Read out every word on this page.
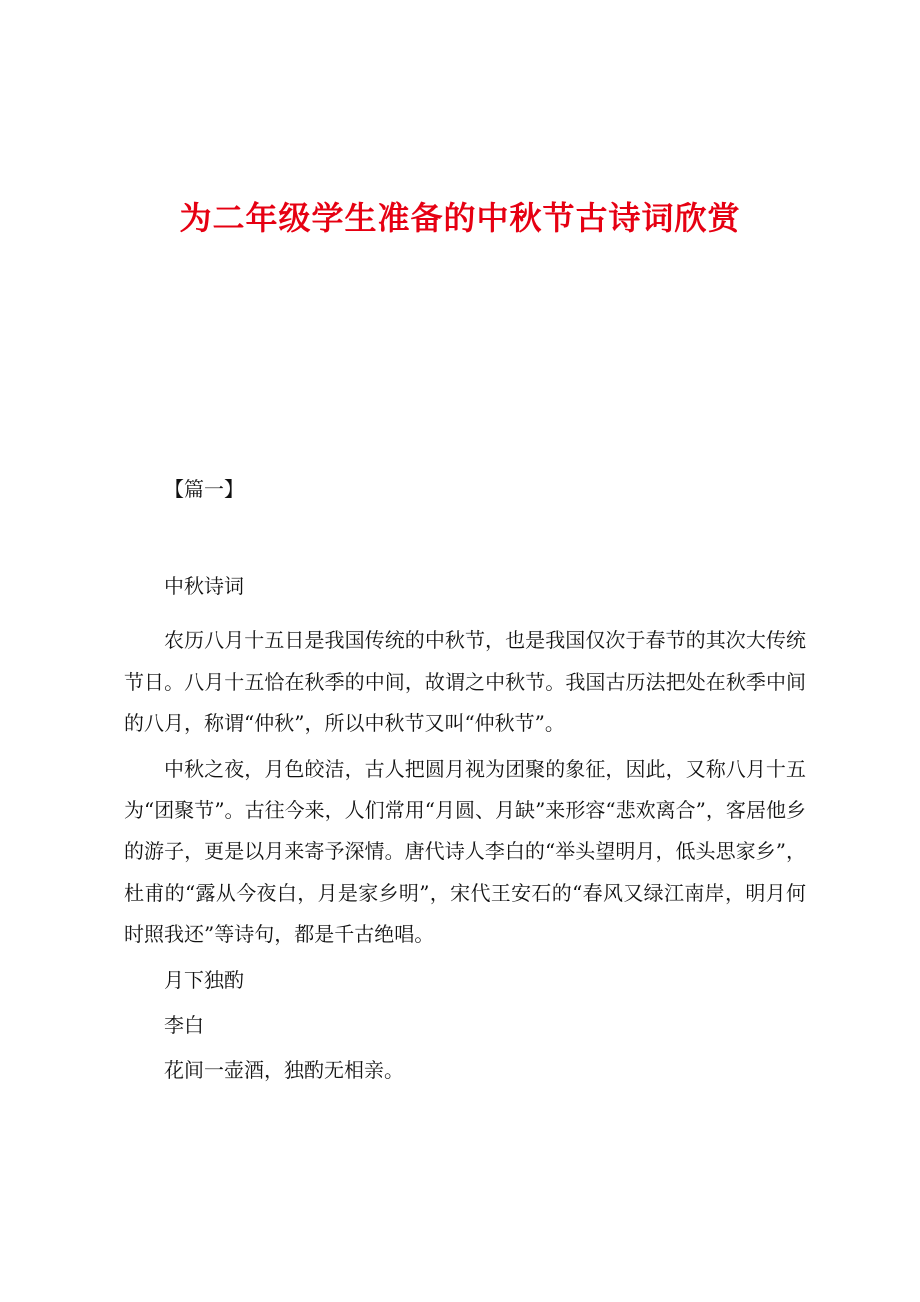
为二年级学生准备的中秋节古诗词欣赏
【篇一】

中秋诗词

农历八月十五日是我国传统的中秋节，也是我国仅次于春节的其次大传统节日。八月十五恰在秋季的中间，故谓之中秋节。我国古历法把处在秋季中间的八月，称谓“仲秋”，所以中秋节又叫“仲秋节”。

中秋之夜，月色皎洁，古人把圆月视为团聚的象征，因此，又称八月十五为“团聚节”。古往今来，人们常用“月圆、月缺”来形容“悲欢离合”，客居他乡的游子，更是以月来寄予深情。唐代诗人李白的“举头望明月，低头思家乡”，杜甫的“露从今夜白，月是家乡明”，宋代王安石的“春风又绿江南岸，明月何时照我还”等诗句，都是千古绝唱。

月下独酌

李白

花间一壶酒，独酌无相亲。
